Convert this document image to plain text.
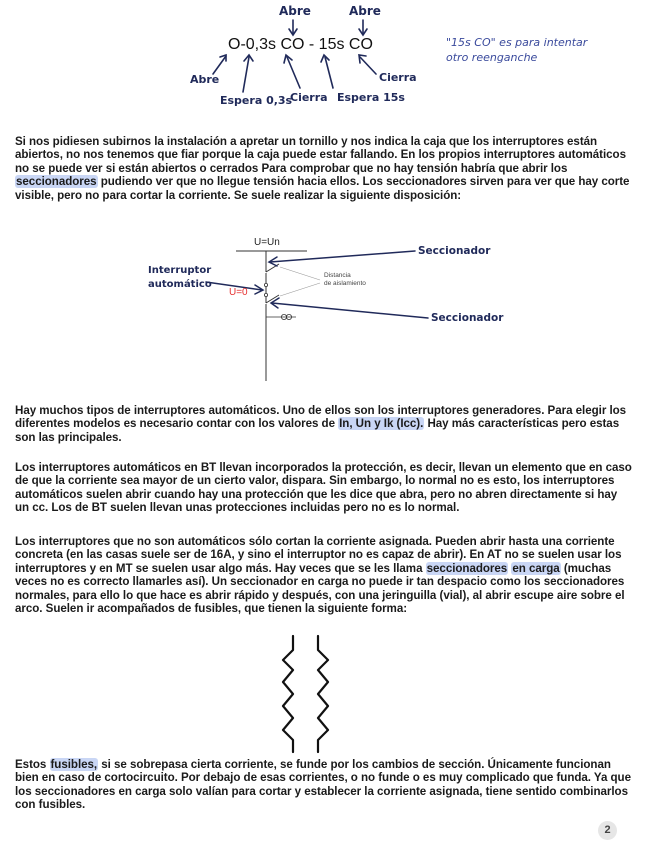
Abre	Abre
O-0,3s CO - 15s CO
Abre
Espera 0,3s
Cierra Espera 15s
Cierra
"15s CO" es para intentar otro reenganche

Si nos pidiesen subirnos la instalación a apretar un tornillo y nos indica la caja que los interruptores están abiertos, no nos tenemos que fiar porque la caja puede estar fallando. En los propios interruptores automáticos no se puede ver si están abiertos o cerrados Para comprobar que no hay tensión habría que abrir los seccionadores pudiendo ver que no llegue tensión hacia ellos. Los seccionadores sirven para ver que hay corte visible, pero no para cortar la corriente. Se suele realizar la siguiente disposición:

U=Un
U=0
Distancia
de aislamiento
Interruptor
automático
Seccionador
Seccionador

Hay muchos tipos de interruptores automáticos. Uno de ellos son los interruptores generadores. Para elegir los diferentes modelos es necesario contar con los valores de In, Un y Ik (Icc). Hay más características pero estas son las principales.

Los interruptores automáticos en BT llevan incorporados la protección, es decir, llevan un elemento que en caso de que la corriente sea mayor de un cierto valor, dispara. Sin embargo, lo normal no es esto, los interruptores automáticos suelen abrir cuando hay una protección que les dice que abra, pero no abren directamente si hay un cc. Los de BT suelen llevan unas protecciones incluidas pero no es lo normal.

Los interruptores que no son automáticos sólo cortan la corriente asignada. Pueden abrir hasta una corriente concreta (en las casas suele ser de 16A, y sino el interruptor no es capaz de abrir). En AT no se suelen usar los interruptores y en MT se suelen usar algo más. Hay veces que se les llama seccionadores en carga (muchas veces no es correcto llamarles así). Un seccionador en carga no puede ir tan despacio como los seccionadores normales, para ello lo que hace es abrir rápido y después, con una jeringuilla (vial), al abrir escupe aire sobre el arco. Suelen ir acompañados de fusibles, que tienen la siguiente forma:

Estos fusibles, si se sobrepasa cierta corriente, se funde por los cambios de sección. Únicamente funcionan bien en caso de cortocircuito. Por debajo de esas corrientes, o no funde o es muy complicado que funda. Ya que los seccionadores en carga solo valían para cortar y establecer la corriente asignada, tiene sentido combinarlos con fusibles.

2
